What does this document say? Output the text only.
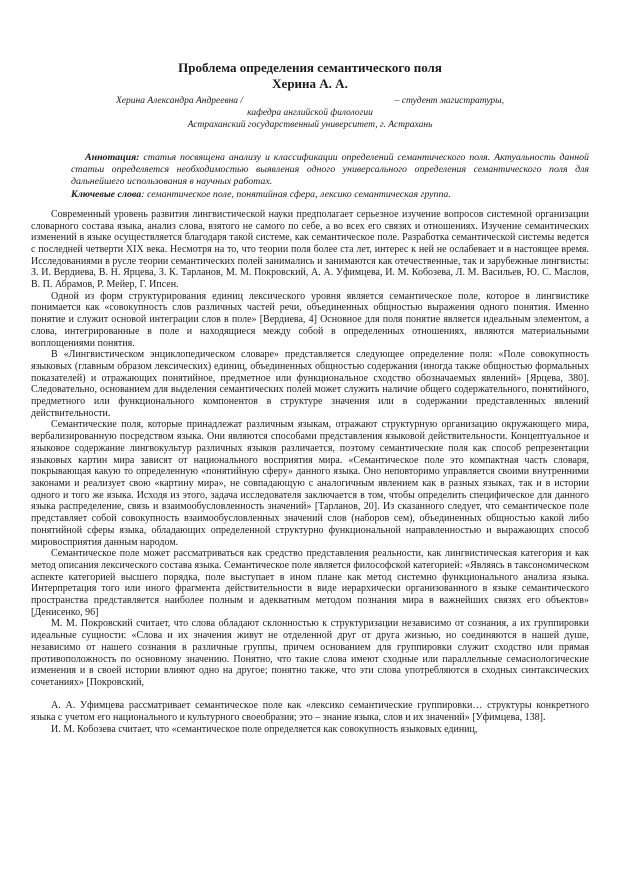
Проблема определения семантического поля
Херина А. А.
Херина Александра Андреевна /	– студент магистратуры,
кафедра английской филологии
Астраханский государственный университет, г. Астрахань

Аннотация: статья посвящена анализу и классификации определений семантического поля. Актуальность данной статьи определяется необходимостью выявления одного универсального определения семантического поля для дальнейшего использования в научных работах.

Ключевые слова: семантическое поле, понятийная сфера, лексико семантическая группа.

Современный уровень развития лингвистической науки предполагает серьезное изучение вопросов системной организации словарного состава языка, анализ слова, взятого не самого по себе, а во всех его связях и отношениях. Изучение семантических изменений в языке осуществляется благодаря такой системе, как семантическое поле. Разработка семантической системы ведется с последней четверти XIX века. Несмотря на то, что теории поля более ста лет, интерес к ней не ослабевает и в настоящее время. Исследованиями в русле теории семантических полей занимались и занимаются как отечественные, так и зарубежные лингвисты: З. И. Вердиева, В. Н. Ярцева, З. К. Тарланов, М. М. Покровский, А. А. Уфимцева, И. М. Кобозева, Л. М. Васильев, Ю. С. Маслов, В. П. Абрамов, Р. Мейер, Г. Ипсен.

Одной из форм структурирования единиц лексического уровня является семантическое поле, которое в лингвистике понимается как «совокупность слов различных частей речи, объединенных общностью выражения одного понятия. Именно понятие и служит основой интеграции слов в поле» [Вердиева, 4] Основное для поля понятие является идеальным элементом, а слова, интегрированные в поле и находящиеся между собой в определенных отношениях, являются материальными воплощениями понятия.

В «Лингвистическом энциклопедическом словаре» представляется следующее определение поля: «Поле совокупность языковых (главным образом лексических) единиц, объединенных общностью содержания (иногда также общностью формальных показателей) и отражающих понятийное, предметное или функциональное сходство обозначаемых явлений» [Ярцева, 380]. Следовательно, основанием для выделения семантических полей может служить наличие общего содержательного, понятийного, предметного или функционального компонентов в структуре значения или в содержании представленных явлений действительности.

Семантические поля, которые принадлежат различным языкам, отражают структурную организацию окружающего мира, вербализированную посредством языка. Они являются способами представления языковой действительности. Концептуальное и языковое содержание лингвокультур различных языков различается, поэтому семантические поля как способ репрезентации языковых картин мира зависят от национального восприятия мира. «Семантическое поле это компактная часть словаря, покрывающая какую то определенную «понятийную сферу» данного языка. Оно неповторимо управляется своими внутренними законами и реализует свою «картину мира», не совпадающую с аналогичным явлением как в разных языках, так и в истории одного и того же языка. Исходя из этого, задача исследователя заключается в том, чтобы определить специфическое для данного языка распределение, связь и взаимообусловленность значений» [Тарланов, 20]. Из сказанного следует, что семантическое поле представляет собой совокупность взаимообусловленных значений слов (наборов сем), объединенных общностью какой либо понятийной сферы языка, обладающих определенной структурно функциональной направленностью и выражающих способ мировосприятия данным народом.

Семантическое поле может рассматриваться как средство представления реальности, как лингвистическая категория и как метод описания лексического состава языка. Семантическое поле является философской категорией: «Являясь в таксономическом аспекте категорией высшего порядка, поле выступает в ином плане как метод системно функционального анализа языка. Интерпретация того или иного фрагмента действительности в виде иерархически организованного в языке семантического пространства представляется наиболее полным и адекватным методом познания мира в важнейших связях его объектов» [Денисенко, 96]

М. М. Покровский считает, что слова обладают склонностью к структуризации независимо от сознания, а их группировки идеальные сущности: «Слова и их значения живут не отделенной друг от друга жизнью, но соединяются в нашей душе, независимо от нашего сознания в различные группы, причем основанием для группировки служит сходство или прямая противоположность по основному значению. Понятно, что такие слова имеют сходные или параллельные семасиологические изменения и в своей истории влияют одно на другое; понятно также, что эти слова употребляются в сходных синтаксических сочетаниях» [Покровский,

А. А. Уфимцева рассматривает семантическое поле как «лексико семантические группировки… структуры конкретного языка с учетом его национального и культурного своеобразия; это – знание языка, слов и их значений» [Уфимцева, 138].

И. М. Кобозева считает, что «семантическое поле определяется как совокупность языковых единиц,
